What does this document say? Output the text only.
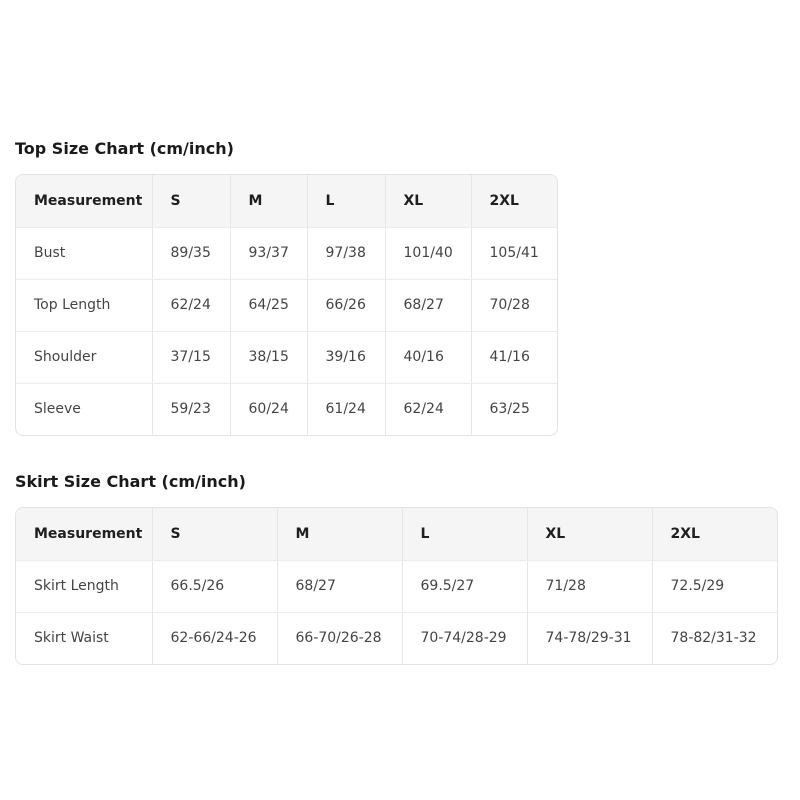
Top Size Chart (cm/inch)
Measurement	S	M	L	XL	2XL
Bust	89/35	93/37	97/38	101/40	105/41
Top Length	62/24	64/25	66/26	68/27	70/28
Shoulder	37/15	38/15	39/16	40/16	41/16
Sleeve	59/23	60/24	61/24	62/24	63/25
Skirt Size Chart (cm/inch)
Measurement	S	M	L	XL	2XL
Skirt Length	66.5/26	68/27	69.5/27	71/28	72.5/29
Skirt Waist	62-66/24-26	66-70/26-28	70-74/28-29	74-78/29-31	78-82/31-32
